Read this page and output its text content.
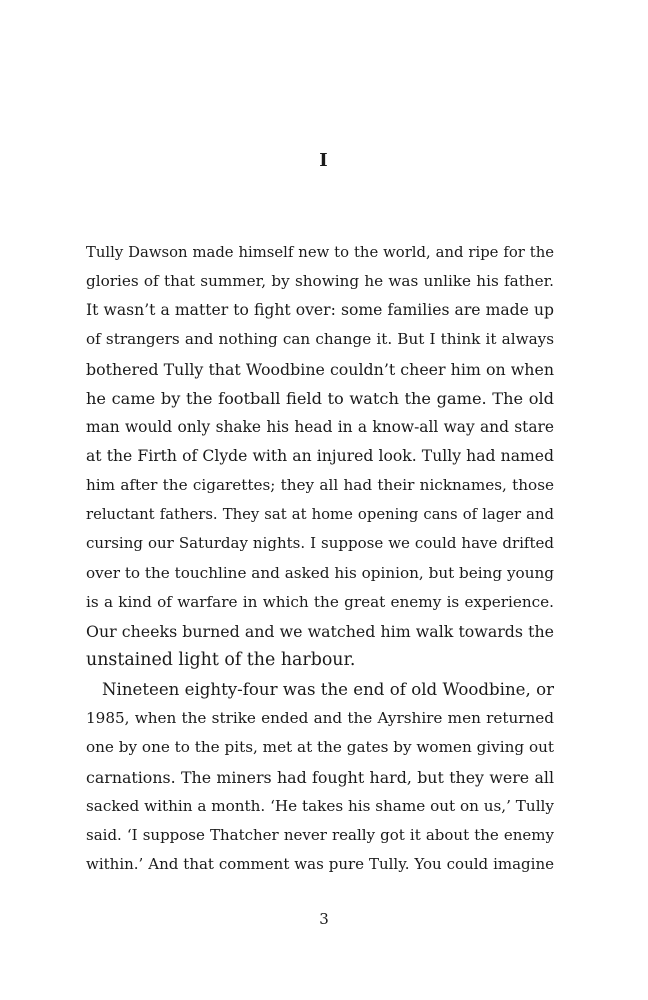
I
Tully Dawson made himself new to the world, and ripe for the
glories of that summer, by showing he was unlike his father.
It wasn’t a matter to fight over: some families are made up
of strangers and nothing can change it. But I think it always
bothered Tully that Woodbine couldn’t cheer him on when
he came by the football field to watch the game. The old
man would only shake his head in a know-all way and stare
at the Firth of Clyde with an injured look. Tully had named
him after the cigarettes; they all had their nicknames, those
reluctant fathers. They sat at home opening cans of lager and
cursing our Saturday nights. I suppose we could have drifted
over to the touchline and asked his opinion, but being young
is a kind of warfare in which the great enemy is experience.
Our cheeks burned and we watched him walk towards the
unstained light of the harbour.
Nineteen eighty-four was the end of old Woodbine, or
1985, when the strike ended and the Ayrshire men returned
one by one to the pits, met at the gates by women giving out
carnations. The miners had fought hard, but they were all
sacked within a month. ‘He takes his shame out on us,’ Tully
said. ‘I suppose Thatcher never really got it about the enemy
within.’ And that comment was pure Tully. You could imagine
3
